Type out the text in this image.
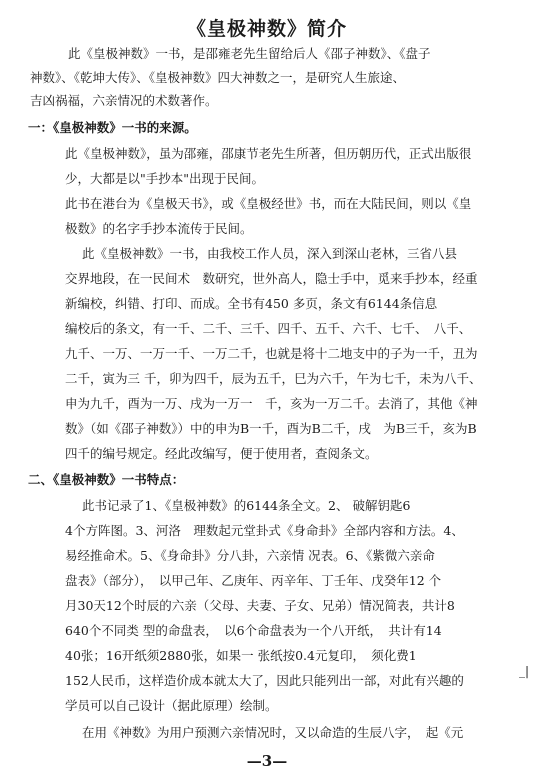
《皇极神数》简介
此《皇极神数》一书，是邵雍老先生留给后人《邵子神数》、《盘子
神数》、《乾坤大传》、《皇极神数》四大神数之一，是研究人生旅途、
吉凶祸福，六亲情况的术数著作。
一：《皇极神数》一书的来源。
此《皇极神数》，虽为邵雍，邵康节老先生所著，但历朝历代，正式出版很
少，大都是以"手抄本"出现于民间。
此书在港台为《皇极天书》，或《皇极经世》书，而在大陆民间，则以《皇
极数》的名字手抄本流传于民间。
此《皇极神数》一书，由我校工作人员，深入到深山老林，三省八县
交界地段，在一民间术　数研究，世外高人，隐士手中，觅来手抄本，经重
新编校，纠错、打印、而成。全书有450 多页，条文有6144条信息
编校后的条文，有一千、二千、三千、四千、五千、六千、七千、　八千、
九千、一万、一万一千、一万二千，也就是将十二地支中的子为一千，丑为
二千，寅为三 千，卯为四千，辰为五千，巳为六千，午为七千，未为八千、
申为九千，酉为一万、戌为一万一　千，亥为一万二千。去消了，其他《神
数》（如《邵子神数》）中的申为B一千，酉为B二千，戌　为B三千，亥为B
四千的编号规定。经此改编写，便于使用者，查阅条文。
二、《皇极神数》一书特点：
此书记录了1、《皇极神数》的6144条全文。2、 破解钥匙6
4个方阵图。3、河洛　理数起元堂卦式《身命卦》全部内容和方法。4、
易经推命术。5、《身命卦》分八卦，六亲情 况表。6、《紫微六亲命
盘表》（部分），　以甲己年、乙庚年、丙辛年、丁壬年、戊癸年12 个
月30天12个时辰的六亲（父母、夫妻、子女、兄弟）情况简表，共计8
640个不同类 型的命盘表，　以6个命盘表为一个八开纸，　共计有14
40张；16开纸须2880张，如果一 张纸按0.4元复印，　须化费1
152人民币，这样造价成本就太大了，因此只能列出一部，对此有兴趣的
学员可以自己设计（据此原理）绘制。
在用《神数》为用户预测六亲情况时，又以命造的生辰八字，　起《元
_|
—3—
